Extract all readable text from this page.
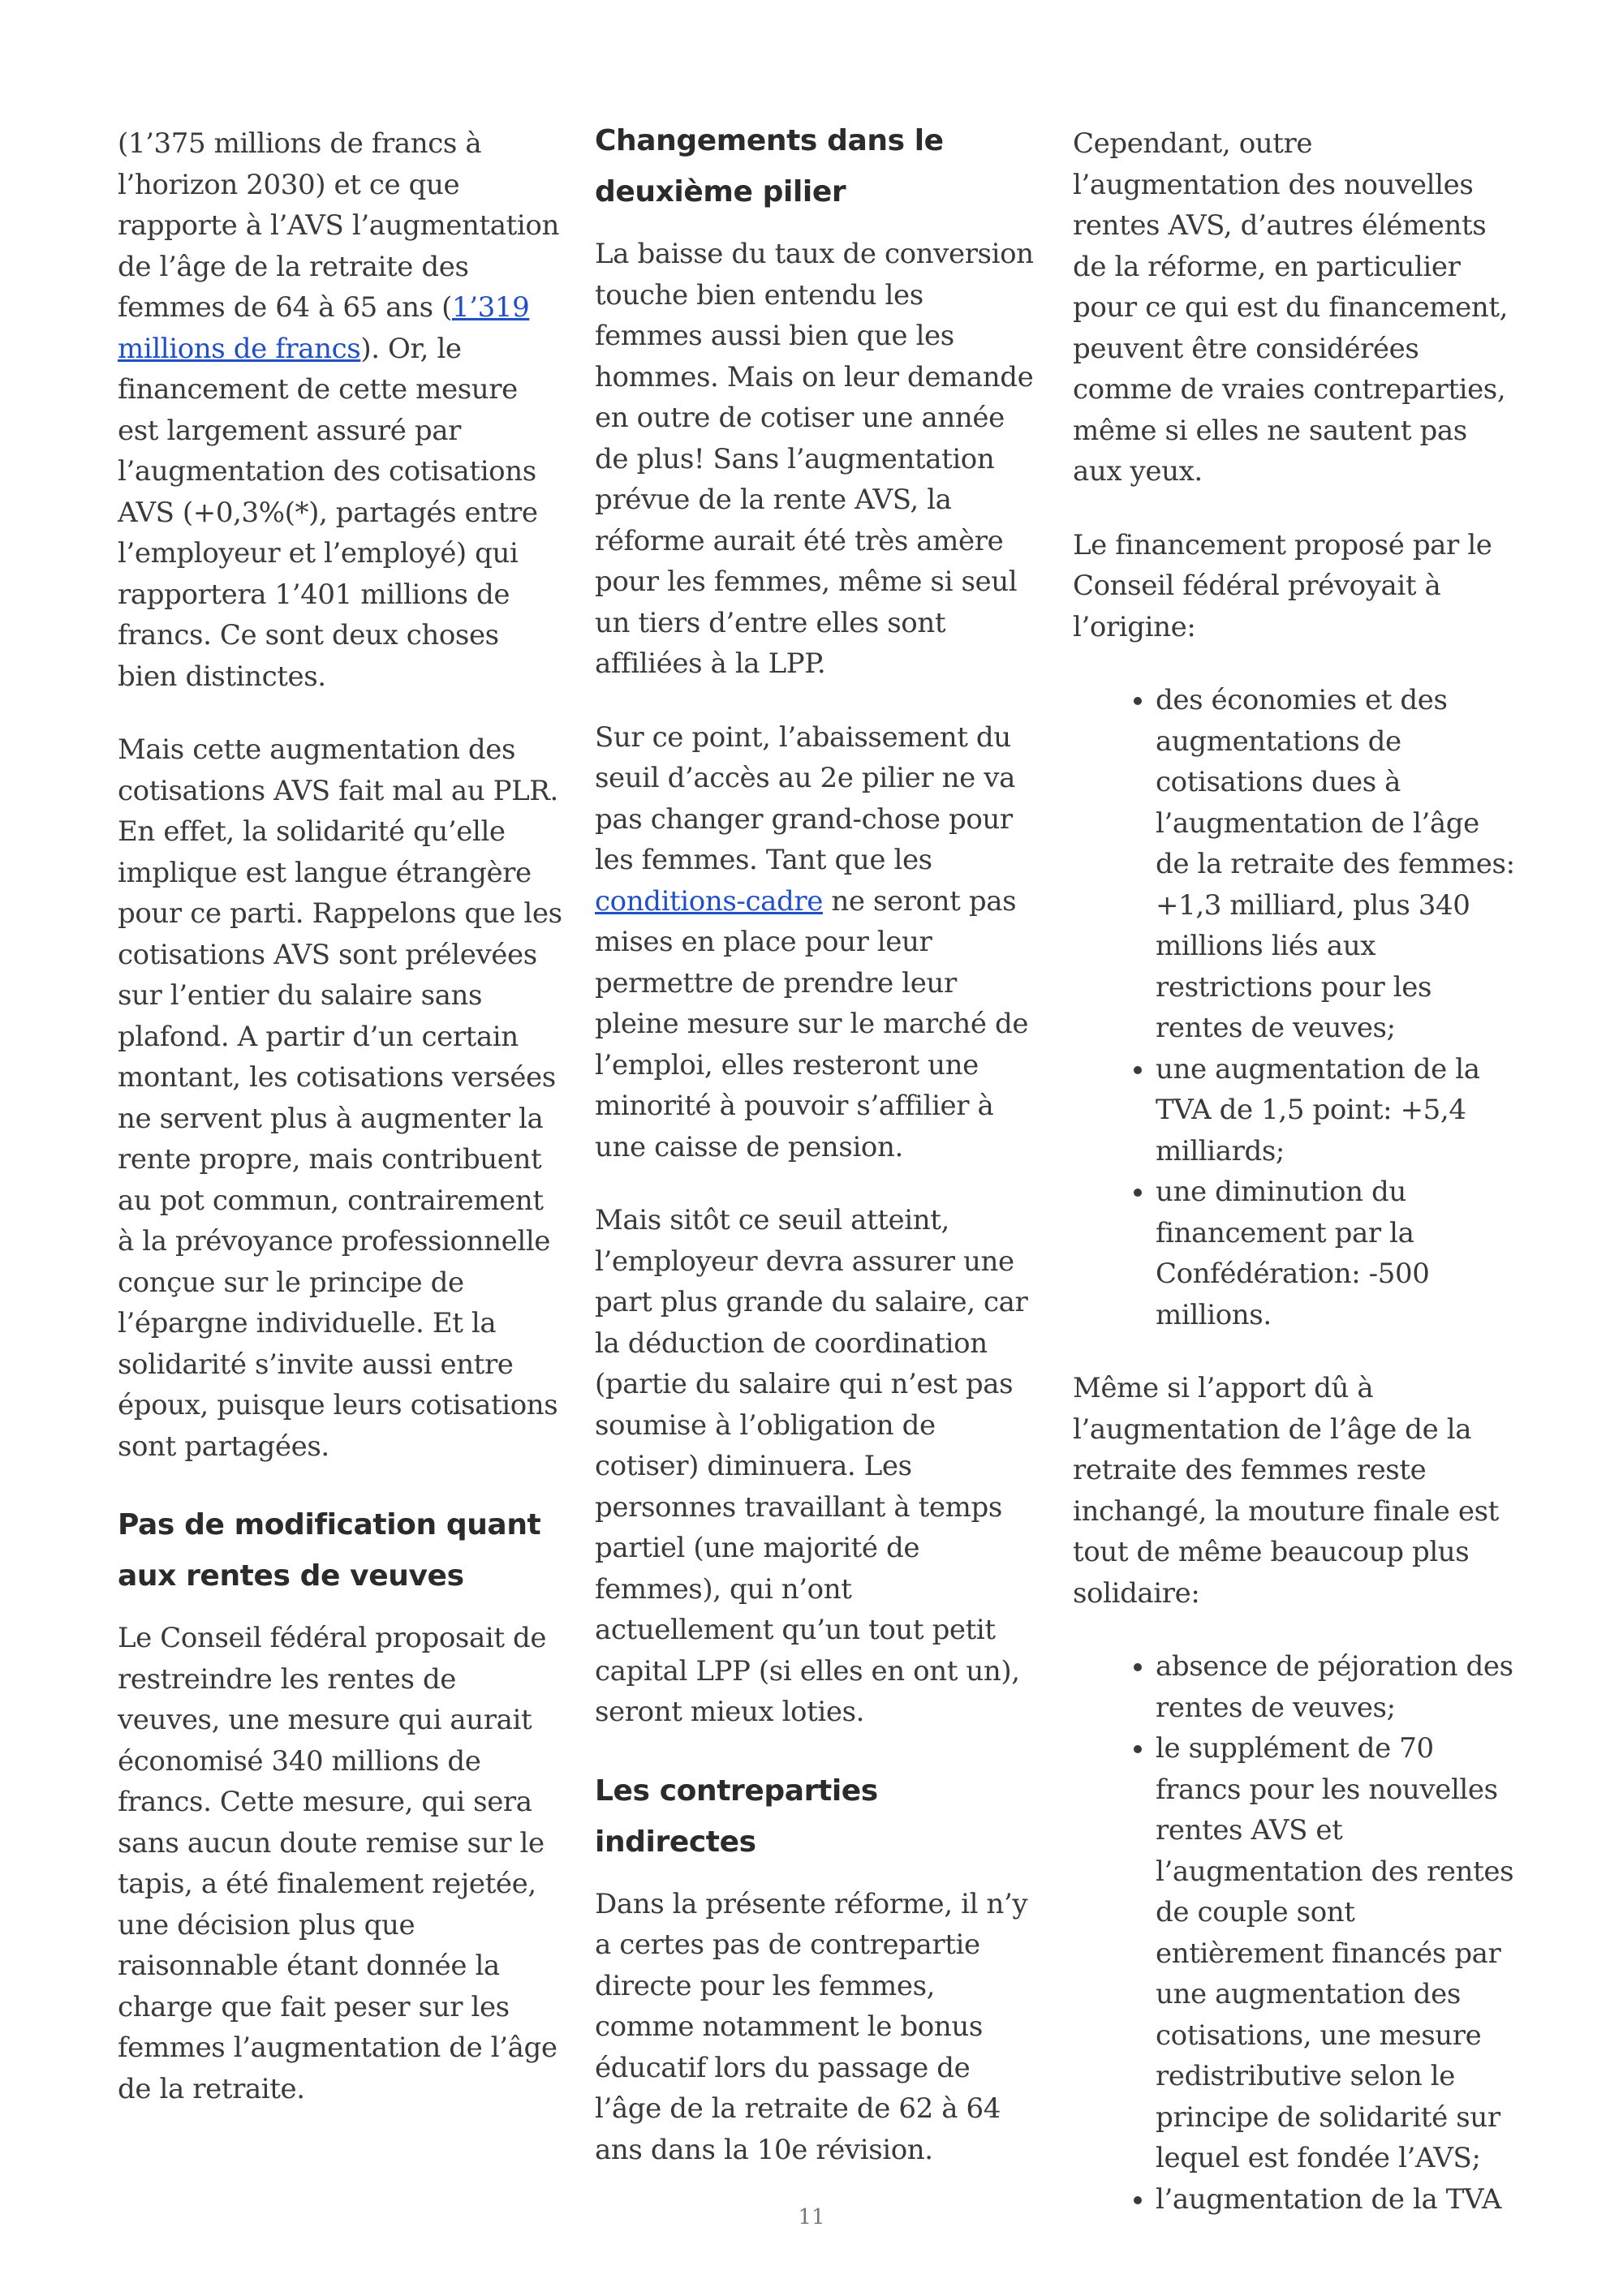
(1’375 millions de francs à l’horizon 2030) et ce que rapporte à l’AVS l’augmentation de l’âge de la retraite des femmes de 64 à 65 ans (1’319 millions de francs). Or, le financement de cette mesure est largement assuré par l’augmentation des cotisations AVS (+0,3%(*), partagés entre l’employeur et l’employé) qui rapportera 1’401 millions de francs. Ce sont deux choses bien distinctes.

Mais cette augmentation des cotisations AVS fait mal au PLR. En effet, la solidarité qu’elle implique est langue étrangère pour ce parti. Rappelons que les cotisations AVS sont prélevées sur l’entier du salaire sans plafond. A partir d’un certain montant, les cotisations versées ne servent plus à augmenter la rente propre, mais contribuent au pot commun, contrairement à la prévoyance professionnelle conçue sur le principe de l’épargne individuelle. Et la solidarité s’invite aussi entre époux, puisque leurs cotisations sont partagées.

Pas de modification quant aux rentes de veuves

Le Conseil fédéral proposait de restreindre les rentes de veuves, une mesure qui aurait économisé 340 millions de francs. Cette mesure, qui sera sans aucun doute remise sur le tapis, a été finalement rejetée, une décision plus que raisonnable étant donnée la charge que fait peser sur les femmes l’augmentation de l’âge de la retraite.

Changements dans le deuxième pilier

La baisse du taux de conversion touche bien entendu les femmes aussi bien que les hommes. Mais on leur demande en outre de cotiser une année de plus! Sans l’augmentation prévue de la rente AVS, la réforme aurait été très amère pour les femmes, même si seul un tiers d’entre elles sont affiliées à la LPP.

Sur ce point, l’abaissement du seuil d’accès au 2e pilier ne va pas changer grand-chose pour les femmes. Tant que les conditions-cadre ne seront pas mises en place pour leur permettre de prendre leur pleine mesure sur le marché de l’emploi, elles resteront une minorité à pouvoir s’affilier à une caisse de pension.

Mais sitôt ce seuil atteint, l’employeur devra assurer une part plus grande du salaire, car la déduction de coordination (partie du salaire qui n’est pas soumise à l’obligation de cotiser) diminuera. Les personnes travaillant à temps partiel (une majorité de femmes), qui n’ont actuellement qu’un tout petit capital LPP (si elles en ont un), seront mieux loties.

Les contreparties indirectes

Dans la présente réforme, il n’y a certes pas de contrepartie directe pour les femmes, comme notamment le bonus éducatif lors du passage de l’âge de la retraite de 62 à 64 ans dans la 10e révision.

Cependant, outre l’augmentation des nouvelles rentes AVS, d’autres éléments de la réforme, en particulier pour ce qui est du financement, peuvent être considérées comme de vraies contreparties, même si elles ne sautent pas aux yeux.

Le financement proposé par le Conseil fédéral prévoyait à l’origine:

• des économies et des augmentations de cotisations dues à l’augmentation de l’âge de la retraite des femmes: +1,3 milliard, plus 340 millions liés aux restrictions pour les rentes de veuves;
• une augmentation de la TVA de 1,5 point: +5,4 milliards;
• une diminution du financement par la Confédération: -500 millions.

Même si l’apport dû à l’augmentation de l’âge de la retraite des femmes reste inchangé, la mouture finale est tout de même beaucoup plus solidaire:

• absence de péjoration des rentes de veuves;
• le supplément de 70 francs pour les nouvelles rentes AVS et l’augmentation des rentes de couple sont entièrement financés par une augmentation des cotisations, une mesure redistributive selon le principe de solidarité sur lequel est fondée l’AVS;
• l’augmentation de la TVA
11
